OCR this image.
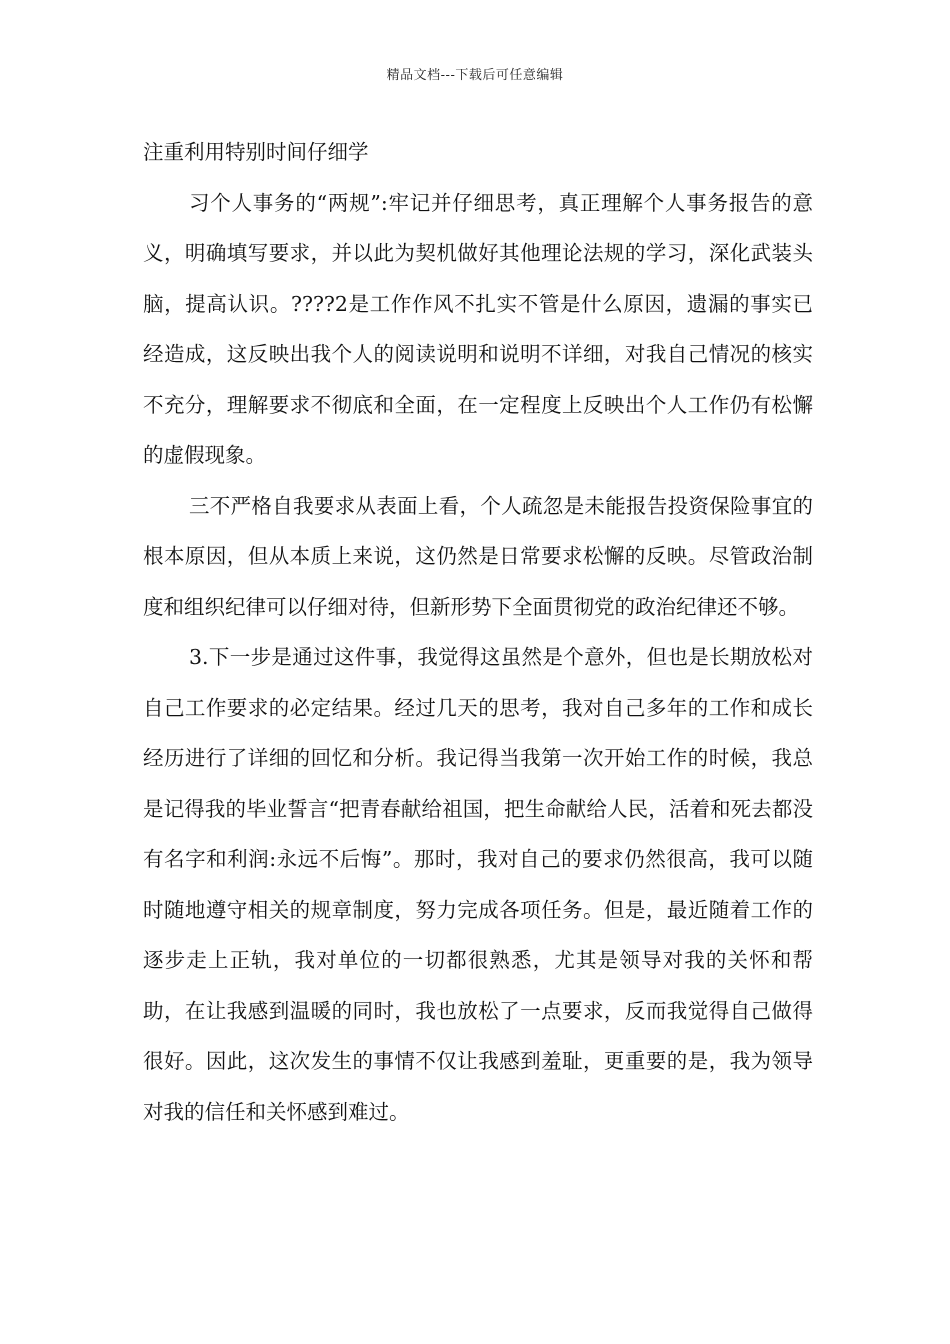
精品文档---下载后可任意编辑

注重利用特别时间仔细学

习个人事务的“两规”:牢记并仔细思考，真正理解个人事务报告的意义，明确填写要求，并以此为契机做好其他理论法规的学习，深化武装头脑，提高认识。????2是工作作风不扎实不管是什么原因，遗漏的事实已经造成，这反映出我个人的阅读说明和说明不详细，对我自己情况的核实不充分，理解要求不彻底和全面，在一定程度上反映出个人工作仍有松懈的虚假现象。

三不严格自我要求从表面上看，个人疏忽是未能报告投资保险事宜的根本原因，但从本质上来说，这仍然是日常要求松懈的反映。尽管政治制度和组织纪律可以仔细对待，但新形势下全面贯彻党的政治纪律还不够。

3.下一步是通过这件事，我觉得这虽然是个意外，但也是长期放松对自己工作要求的必定结果。经过几天的思考，我对自己多年的工作和成长经历进行了详细的回忆和分析。我记得当我第一次开始工作的时候，我总是记得我的毕业誓言“把青春献给祖国，把生命献给人民，活着和死去都没有名字和利润:永远不后悔”。那时，我对自己的要求仍然很高，我可以随时随地遵守相关的规章制度，努力完成各项任务。但是，最近随着工作的逐步走上正轨，我对单位的一切都很熟悉，尤其是领导对我的关怀和帮助，在让我感到温暖的同时，我也放松了一点要求，反而我觉得自己做得很好。因此，这次发生的事情不仅让我感到羞耻，更重要的是，我为领导对我的信任和关怀感到难过。
